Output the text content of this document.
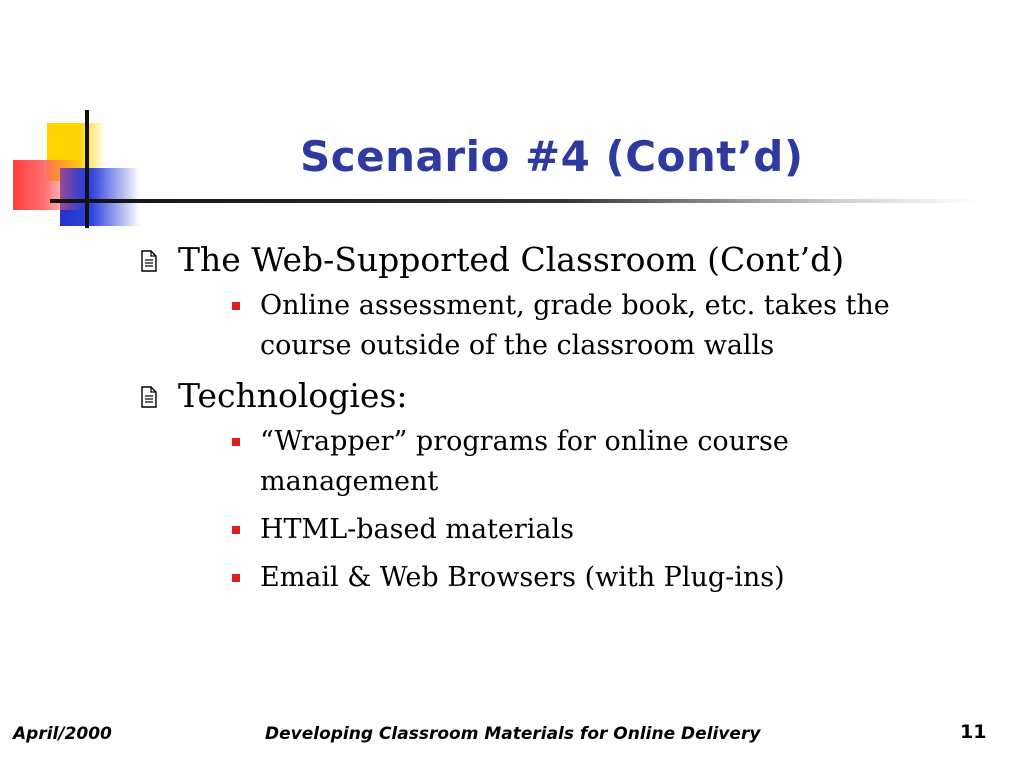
Scenario #4 (Cont’d)
The Web-Supported Classroom (Cont’d)
Online assessment, grade book, etc. takes the course outside of the classroom walls
Technologies:
“Wrapper” programs for online course management
HTML-based materials
Email & Web Browsers (with Plug-ins)

April/2000	Developing Classroom Materials for Online Delivery	11
